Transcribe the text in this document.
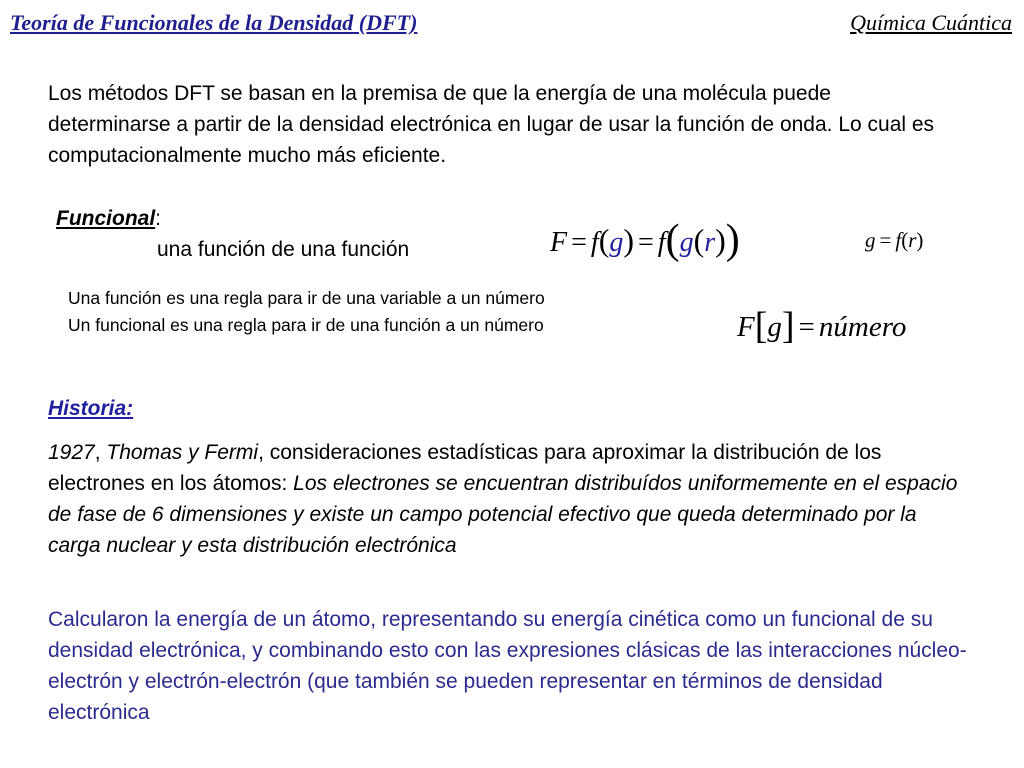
Teoría de Funcionales de la Densidad (DFT)	Química Cuántica

Los métodos DFT se basan en la premisa de que la energía de una molécula puede determinarse a partir de la densidad electrónica en lugar de usar la función de onda. Lo cual es computacionalmente mucho más eficiente.

Funcional:
una función de una función	F = f(g) = f(g(r))	g = f(r)

Una función es una regla para ir de una variable a un número
Un funcional es una regla para ir de una función a un número	F[g] = número
Historia:

1927, Thomas y Fermi, consideraciones estadísticas para aproximar la distribución de los electrones en los átomos: Los electrones se encuentran distribuídos uniformemente en el espacio de fase de 6 dimensiones y existe un campo potencial efectivo que queda determinado por la carga nuclear y esta distribución electrónica

Calcularon la energía de un átomo, representando su energía cinética como un funcional de su densidad electrónica, y combinando esto con las expresiones clásicas de las interacciones núcleo-electrón y electrón-electrón (que también se pueden representar en términos de densidad electrónica
